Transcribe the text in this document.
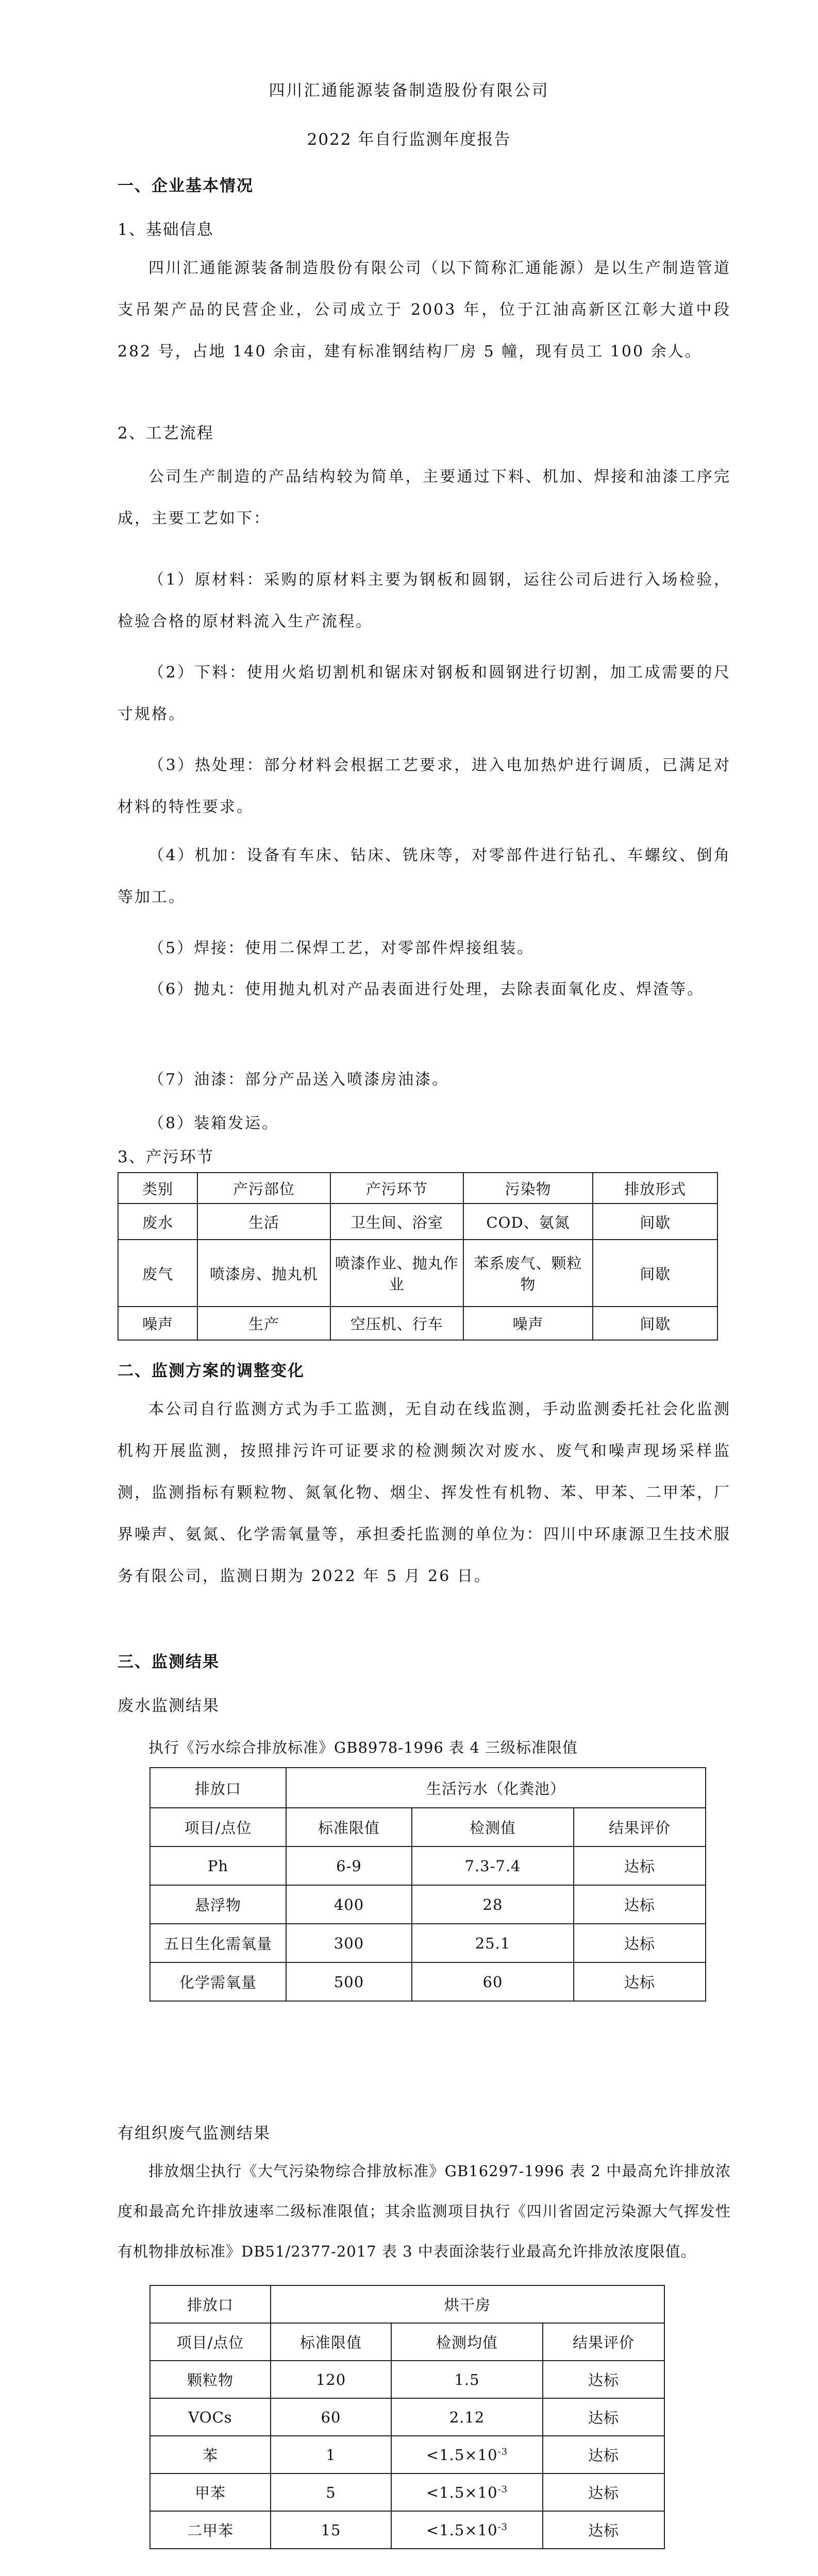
四川汇通能源装备制造股份有限公司
2022 年自行监测年度报告
一、企业基本情况
1、基础信息
四川汇通能源装备制造股份有限公司（以下简称汇通能源）是以生产制造管道支吊架产品的民营企业，公司成立于 2003 年，位于江油高新区江彰大道中段 282 号，占地 140 余亩，建有标准钢结构厂房 5 幢，现有员工 100 余人。
2、工艺流程
公司生产制造的产品结构较为简单，主要通过下料、机加、焊接和油漆工序完成，主要工艺如下：
（1）原材料：采购的原材料主要为钢板和圆钢，运往公司后进行入场检验，检验合格的原材料流入生产流程。
（2）下料：使用火焰切割机和锯床对钢板和圆钢进行切割，加工成需要的尺寸规格。
（3）热处理：部分材料会根据工艺要求，进入电加热炉进行调质，已满足对材料的特性要求。
（4）机加：设备有车床、钻床、铣床等，对零部件进行钻孔、车螺纹、倒角等加工。
（5）焊接：使用二保焊工艺，对零部件焊接组装。
（6）抛丸：使用抛丸机对产品表面进行处理，去除表面氧化皮、焊渣等。
（7）油漆：部分产品送入喷漆房油漆。
（8）装箱发运。
3、产污环节
类别	产污部位	产污环节	污染物	排放形式
废水	生活	卫生间、浴室	COD、氨氮	间歇
废气	喷漆房、抛丸机	喷漆作业、抛丸作业	苯系废气、颗粒物	间歇
噪声	生产	空压机、行车	噪声	间歇
二、监测方案的调整变化
本公司自行监测方式为手工监测，无自动在线监测，手动监测委托社会化监测机构开展监测，按照排污许可证要求的检测频次对废水、废气和噪声现场采样监测，监测指标有颗粒物、氮氧化物、烟尘、挥发性有机物、苯、甲苯、二甲苯，厂界噪声、氨氮、化学需氧量等，承担委托监测的单位为：四川中环康源卫生技术服务有限公司，监测日期为 2022 年 5 月 26 日。
三、监测结果
废水监测结果
执行《污水综合排放标准》GB8978-1996 表 4 三级标准限值
排放口	生活污水（化粪池）		
项目/点位	标准限值	检测值	结果评价
Ph	6-9	7.3-7.4	达标
悬浮物	400	28	达标
五日生化需氧量	300	25.1	达标
化学需氧量	500	60	达标
有组织废气监测结果
排放烟尘执行《大气污染物综合排放标准》GB16297-1996 表 2 中最高允许排放浓度和最高允许排放速率二级标准限值；其余监测项目执行《四川省固定污染源大气挥发性有机物排放标准》DB51/2377-2017 表 3 中表面涂装行业最高允许排放浓度限值。
排放口	烘干房		
项目/点位	标准限值	检测均值	结果评价
颗粒物	120	1.5	达标
VOCs	60	2.12	达标
苯	1	$<1.5\times 10^{-3}$	达标
甲苯	5	$<1.5\times 10^{-3}$	达标
二甲苯	15	$<1.5\times 10^{-3}$	达标
